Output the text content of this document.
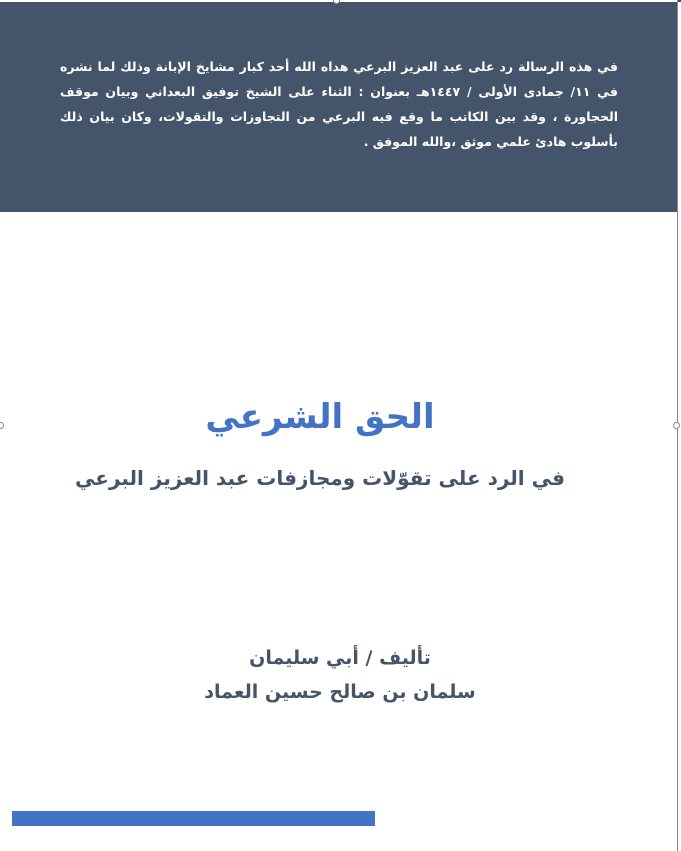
في هذه الرسالة رد على عبد العزيز البرعي هداه الله أحد كبار مشايخ الإبانة وذلك لما نشره في ١١/ جمادى الأولى / ١٤٤٧هـ بعنوان : الثناء على الشيخ توفيق البعداني وبيان موقف الحجاورة ، وقد بين الكاتب ما وقع فيه البرعي من التجاوزات والتقولات، وكان بيان ذلك بأسلوب هادئ علمي موثق ،والله الموفق .
الحق الشرعي
في الرد على تقوّلات ومجازفات عبد العزيز البرعي
تأليف / أبي سليمان
سلمان بن صالح حسين العماد
